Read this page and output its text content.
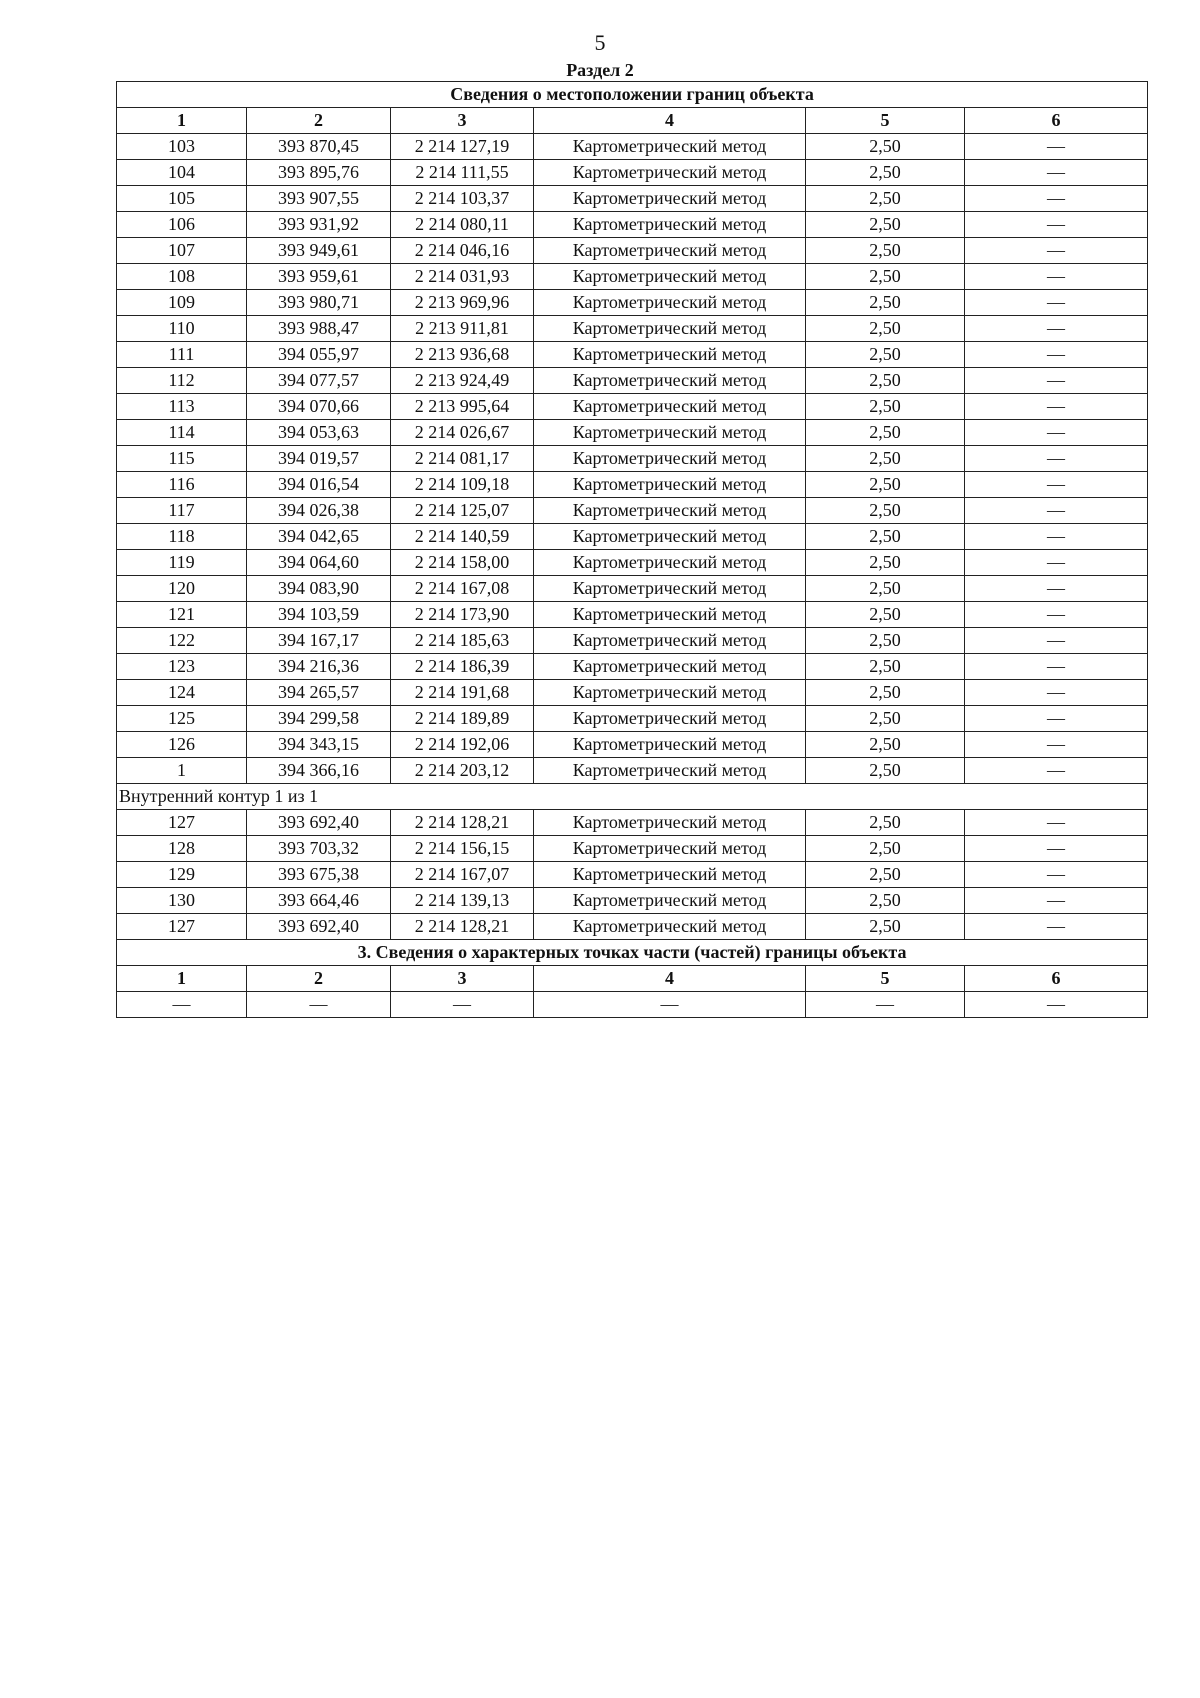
5
Раздел 2
Сведения о местоположении границ объекта					
1	2	3	4	5	6
103	393 870,45	2 214 127,19	Картометрический метод	2,50	—
104	393 895,76	2 214 111,55	Картометрический метод	2,50	—
105	393 907,55	2 214 103,37	Картометрический метод	2,50	—
106	393 931,92	2 214 080,11	Картометрический метод	2,50	—
107	393 949,61	2 214 046,16	Картометрический метод	2,50	—
108	393 959,61	2 214 031,93	Картометрический метод	2,50	—
109	393 980,71	2 213 969,96	Картометрический метод	2,50	—
110	393 988,47	2 213 911,81	Картометрический метод	2,50	—
111	394 055,97	2 213 936,68	Картометрический метод	2,50	—
112	394 077,57	2 213 924,49	Картометрический метод	2,50	—
113	394 070,66	2 213 995,64	Картометрический метод	2,50	—
114	394 053,63	2 214 026,67	Картометрический метод	2,50	—
115	394 019,57	2 214 081,17	Картометрический метод	2,50	—
116	394 016,54	2 214 109,18	Картометрический метод	2,50	—
117	394 026,38	2 214 125,07	Картометрический метод	2,50	—
118	394 042,65	2 214 140,59	Картометрический метод	2,50	—
119	394 064,60	2 214 158,00	Картометрический метод	2,50	—
120	394 083,90	2 214 167,08	Картометрический метод	2,50	—
121	394 103,59	2 214 173,90	Картометрический метод	2,50	—
122	394 167,17	2 214 185,63	Картометрический метод	2,50	—
123	394 216,36	2 214 186,39	Картометрический метод	2,50	—
124	394 265,57	2 214 191,68	Картометрический метод	2,50	—
125	394 299,58	2 214 189,89	Картометрический метод	2,50	—
126	394 343,15	2 214 192,06	Картометрический метод	2,50	—
1	394 366,16	2 214 203,12	Картометрический метод	2,50	—
Внутренний контур 1 из 1					
127	393 692,40	2 214 128,21	Картометрический метод	2,50	—
128	393 703,32	2 214 156,15	Картометрический метод	2,50	—
129	393 675,38	2 214 167,07	Картометрический метод	2,50	—
130	393 664,46	2 214 139,13	Картометрический метод	2,50	—
127	393 692,40	2 214 128,21	Картометрический метод	2,50	—
3. Сведения о характерных точках части (частей) границы объекта					
1	2	3	4	5	6
—	—	—	—	—	—
